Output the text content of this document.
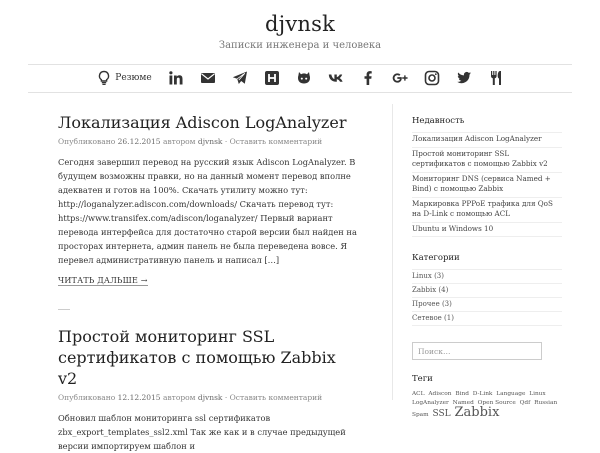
djvnsk
Записки инженера и человека
Резюме
Локализация Adiscon LogAnalyzer
Опубликовано 26.12.2015 автором djvnsk · Оставить комментарий

Сегодня завершил перевод на русский язык Adiscon LogAnalyzer. В будущем возможны правки, но на данный момент перевод вполне адекватен и готов на 100%. Скачать утилиту можно тут: http://loganalyzer.adiscon.com/downloads/ Скачать перевод тут: https://www.transifex.com/adiscon/loganalyzer/ Первый вариант перевода интерфейса для достаточно старой версии был найден на просторах интернета, админ панель не была переведена вовсе. Я перевел административную панель и написал […]

ЧИТАТЬ ДАЛЬШЕ →
Простой мониторинг SSL сертификатов с помощью Zabbix v2
Опубликовано 12.12.2015 автором djvnsk · Оставить комментарий

Обновил шаблон мониторинга ssl сертификатов zbx_export_templates_ssl2.xml Так же как и в случае предыдущей версии импортируем шаблон и

Недавность
Локализация Adiscon LogAnalyzer
Простой мониторинг SSL сертификатов с помощью Zabbix v2
Мониторинг DNS (сервиса Named + Bind) с помощью Zabbix
Маркировка PPPoE трафика для QoS на D-Link с помощью ACL
Ubuntu и Windows 10
Категории
Linux (3)
Zabbix (4)
Прочее (3)
Сетевое (1)
Поиск…
Теги
ACL Adiscon Bind D-Link Language Linux LogAnalyzer Named Open Source Qdf Russian Spam SSL Zabbix
